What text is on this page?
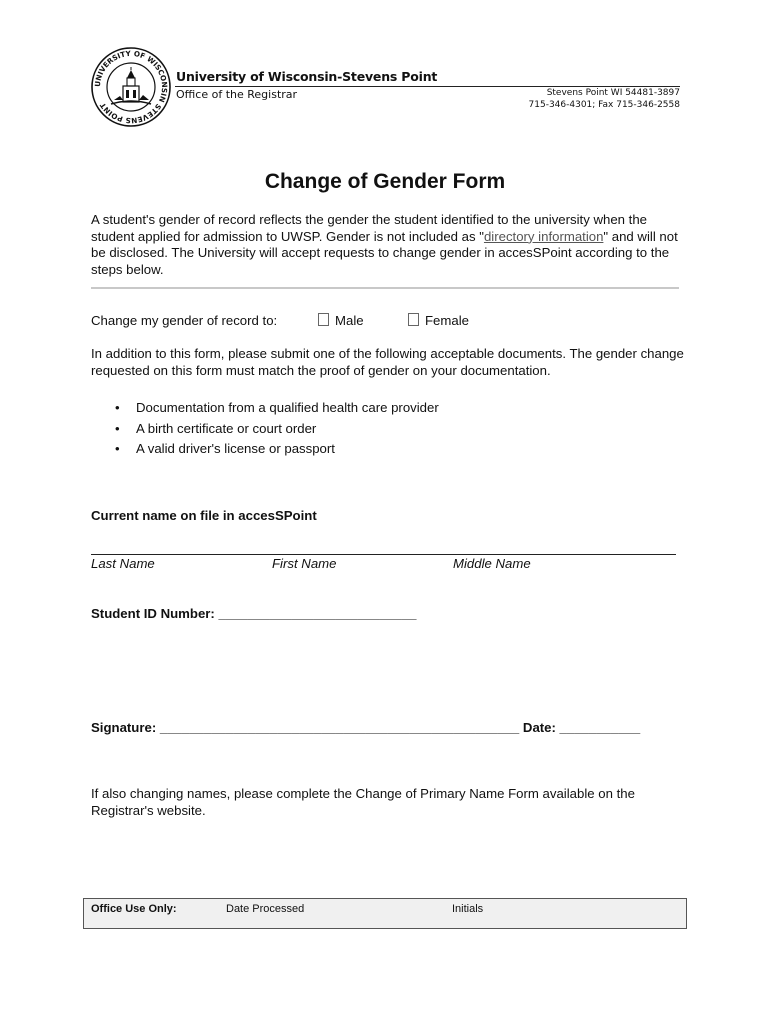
UNIVERSITY OF WISCONSIN STEVENS POINT
University of Wisconsin-Stevens Point
Office of the Registrar	Stevens Point WI 54481-3897
715-346-4301; Fax 715-346-2558
Change of Gender Form
A student's gender of record reflects the gender the student identified to the university when the student applied for admission to UWSP. Gender is not included as "directory information" and will not be disclosed. The University will accept requests to change gender in accesSPoint according to the steps below.
Change my gender of record to:	Male	Female
In addition to this form, please submit one of the following acceptable documents. The gender change requested on this form must match the proof of gender on your documentation.
• Documentation from a qualified health care provider
• A birth certificate or court order
• A valid driver's license or passport
Current name on file in accesSPoint
Last Name	First Name	Middle Name
Student ID Number: ___________________________
Signature: _________________________________________________ Date: ___________
If also changing names, please complete the Change of Primary Name Form available on the Registrar's website.
Office Use Only:	Date Processed	Initials
